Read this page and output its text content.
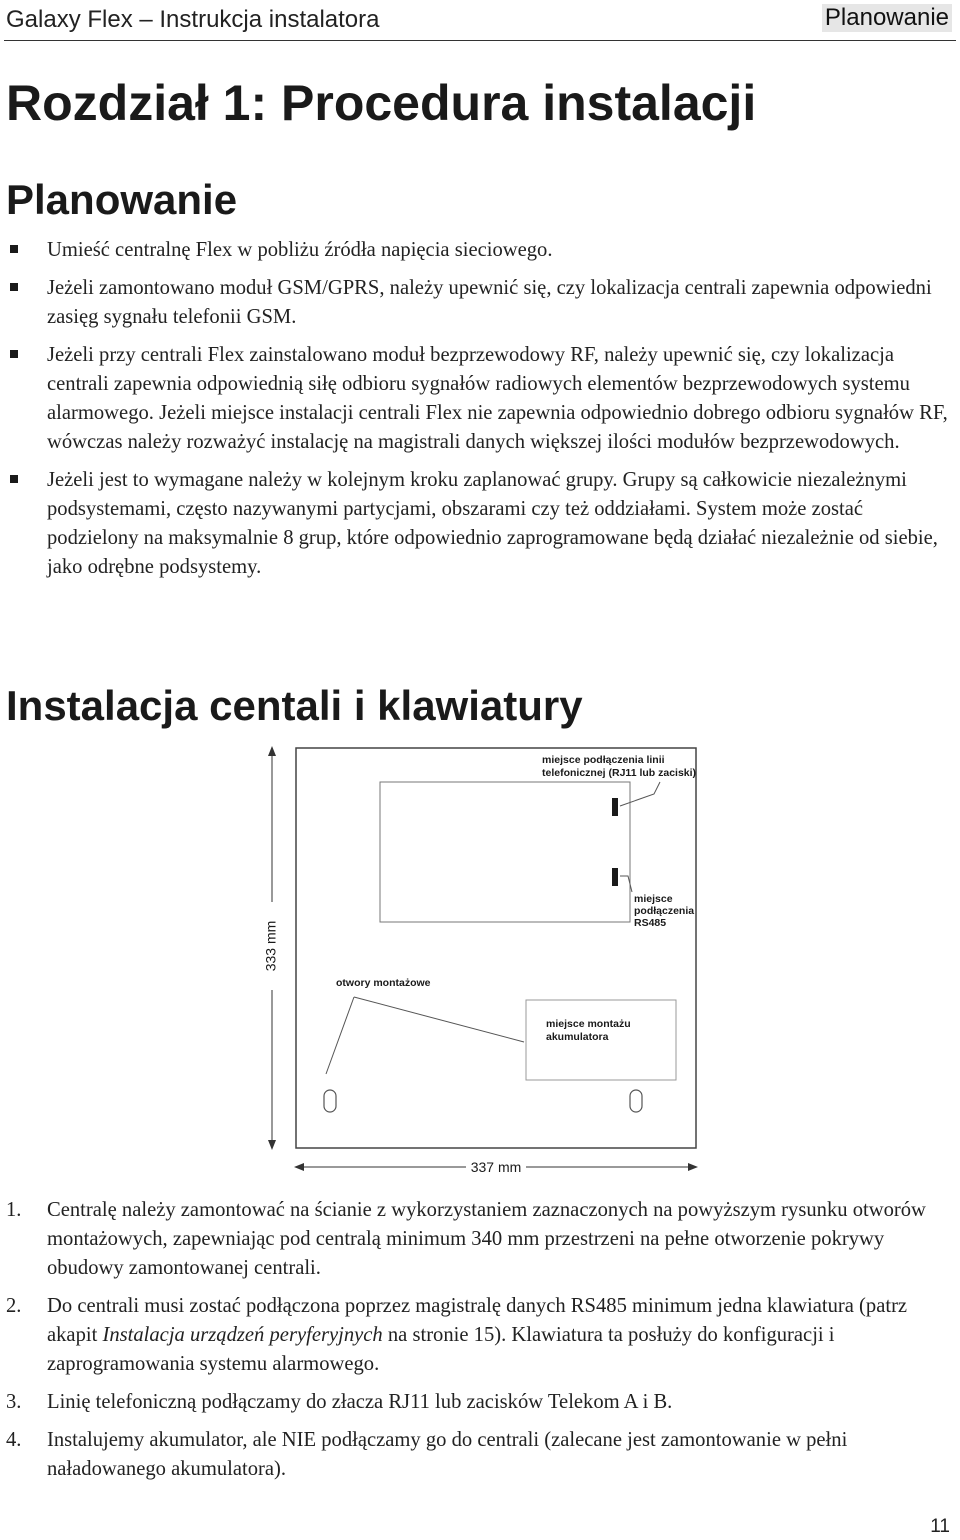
Galaxy Flex – Instrukcja instalatora	Planowanie
Rozdział 1: Procedura instalacji
Planowanie
Umieść centralnę Flex w pobliżu źródła napięcia sieciowego.
Jeżeli zamontowano moduł GSM/GPRS, należy upewnić się, czy lokalizacja centrali zapewnia odpowiedni zasięg sygnału telefonii GSM.
Jeżeli przy centrali Flex zainstalowano moduł bezprzewodowy RF, należy upewnić się, czy lokalizacja centrali zapewnia odpowiednią siłę odbioru sygnałów radiowych elementów bezprzewodowych systemu alarmowego. Jeżeli miejsce instalacji centrali Flex nie zapewnia odpowiednio dobrego odbioru sygnałów RF, wówczas należy rozważyć instalację na magistrali danych większej ilości modułów bezprzewodowych.
Jeżeli jest to wymagane należy w kolejnym kroku zaplanować grupy. Grupy są całkowicie niezależnymi podsystemami, często nazywanymi partycjami, obszarami czy też oddziałami. System może zostać podzielony na maksymalnie 8 grup, które odpowiednio zaprogramowane będą działać niezależnie od siebie, jako odrębne podsystemy.
Instalacja centali i klawiatury
miejsce podłączenia linii
telefonicznej (RJ11 lub zaciski)
miejsce
podłączenia
RS485
otwory montażowe
miejsce montażu
akumulatora
333 mm
337 mm
1. Centralę należy zamontować na ścianie z wykorzystaniem zaznaczonych na powyższym rysunku otworów montażowych, zapewniając pod centralą minimum 340 mm przestrzeni na pełne otworzenie pokrywy obudowy zamontowanej centrali.
2. Do centrali musi zostać podłączona poprzez magistralę danych RS485 minimum jedna klawiatura (patrz akapit Instalacja urządzeń peryferyjnych na stronie 15). Klawiatura ta posłuży do konfiguracji i zaprogramowania systemu alarmowego.
3. Linię telefoniczną podłączamy do złacza RJ11 lub zacisków Telekom A i B.
4. Instalujemy akumulator, ale NIE podłączamy go do centrali (zalecane jest zamontowanie w pełni naładowanego akumulatora).
11
